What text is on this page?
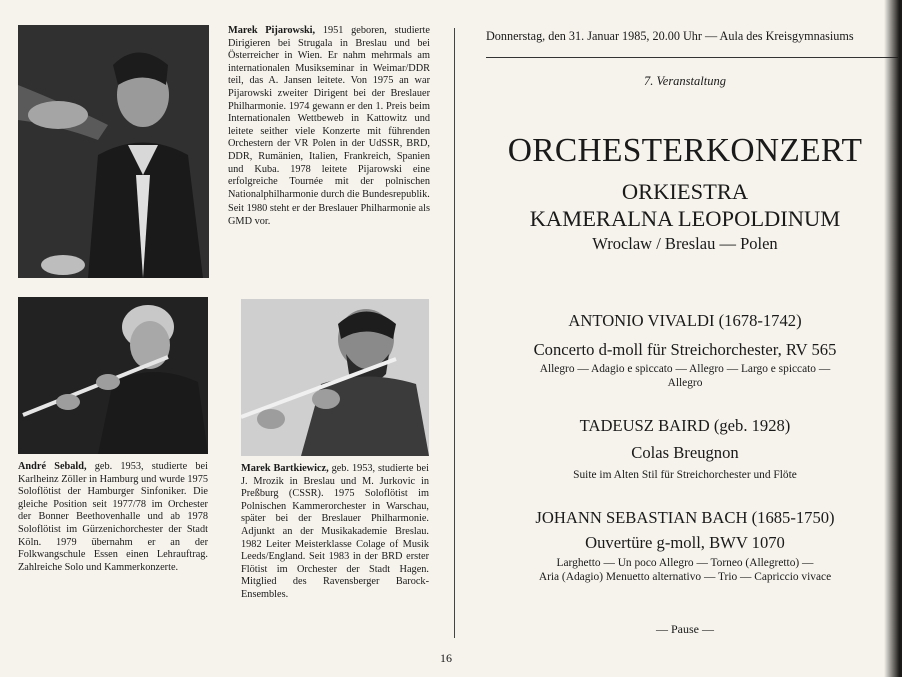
Marek Pijarowski, 1951 geboren, studierte Dirigieren bei Strugala in Breslau und bei Österreicher in Wien. Er nahm mehrmals am internationalen Musikseminar in Weimar/DDR teil, das A. Jansen leitete. Von 1975 an war Pijarowski zweiter Dirigent bei der Breslauer Philharmonie. 1974 gewann er den 1. Preis beim Internationalen Wettbeweb in Kattowitz und leitete seither viele Konzerte mit führenden Orchestern der VR Polen in der UdSSR, BRD, DDR, Rumänien, Italien, Frankreich, Spanien und Kuba. 1978 leitete Pijarowski eine erfolgreiche Tournée mit der polnischen Nationalphilharmonie durch die Bundesrepublik.
Seit 1980 steht er der Breslauer Philharmonie als GMD vor.
André Sebald, geb. 1953, studierte bei Karlheinz Zöller in Hamburg und wurde 1975 Soloflötist der Hamburger Sinfoniker. Die gleiche Position seit 1977/78 im Orchester der Bonner Beethovenhalle und ab 1978 Soloflötist im Gürzenichorchester der Stadt Köln. 1979 übernahm er an der Folkwangschule Essen einen Lehrauftrag. Zahlreiche Solo und Kammerkonzerte.
Marek Bartkiewicz, geb. 1953, studierte bei J. Mrozik in Breslau und M. Jurkovic in Preßburg (CSSR). 1975 Soloflötist im Polnischen Kammerorchester in Warschau, später bei der Breslauer Philharmonie. Adjunkt an der Musikakademie Breslau. 1982 Leiter Meisterklasse Colage of Musik Leeds/England. Seit 1983 in der BRD erster Flötist im Orchester der Stadt Hagen. Mitglied des Ravensberger Barock-Ensembles.
16
Donnerstag, den 31. Januar 1985, 20.00 Uhr — Aula des Kreisgymnasiums
7. Veranstaltung
ORCHESTERKONZERT
ORKIESTRA
KAMERALNA LEOPOLDINUM
Wroclaw / Breslau — Polen
ANTONIO VIVALDI (1678-1742)
Concerto d-moll für Streichorchester, RV 565
Allegro — Adagio e spiccato — Allegro — Largo e spiccato —
Allegro
TADEUSZ BAIRD (geb. 1928)
Colas Breugnon
Suite im Alten Stil für Streichorchester und Flöte
JOHANN SEBASTIAN BACH (1685-1750)
Ouvertüre g-moll, BWV 1070
Larghetto — Un poco Allegro — Torneo (Allegretto) —
Aria (Adagio) Menuetto alternativo — Trio — Capriccio vivace
— Pause —
